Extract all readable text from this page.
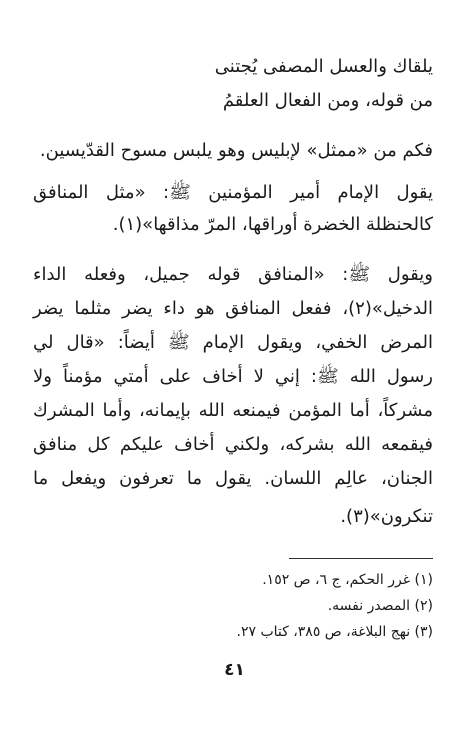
يلقاك والعسل المصفى يُجتنى
من قوله، ومن الفعال العلقمُ
فكم من «ممثل» لإبليس وهو يلبس مسوح القدّيسين.
يقول الإمام أمير المؤمنين ﷺ: «مثل المنافق
كالحنظلة الخضرة أوراقها، المرّ مذاقها»(١).
ويقول ﷺ: «المنافق قوله جميل، وفعله الداء
الدخيل»(٢)، ففعل المنافق هو داء يضر مثلما يضر
المرض الخفي، ويقول الإمام ﷺ أيضاً: «قال لي
رسول الله ﷺ: إني لا أخاف على أمتي مؤمناً ولا
مشركاً، أما المؤمن فيمنعه الله بإيمانه، وأما المشرك
فيقمعه الله بشركه، ولكني أخاف عليكم كل منافق
الجنان، عالِم اللسان. يقول ما تعرفون ويفعل ما
تنكرون»(٣).
(١) غرر الحكم، ج ٦، ص ١٥٢.
(٢) المصدر نفسه.
(٣) نهج البلاغة، ص ٣٨٥، كتاب ٢٧.
٤١
